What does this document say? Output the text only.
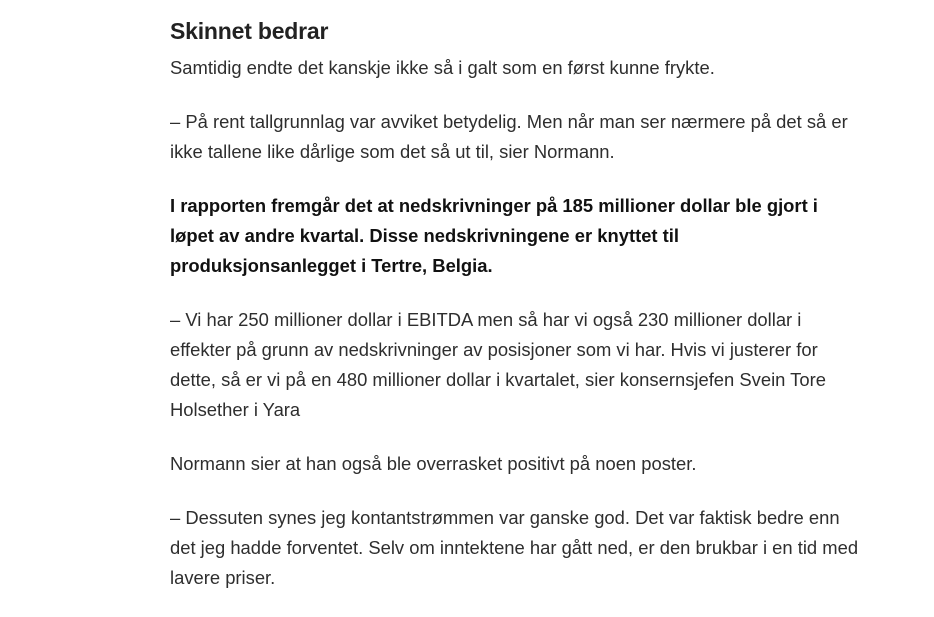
Skinnet bedrar

Samtidig endte det kanskje ikke så i galt som en først kunne frykte.

– På rent tallgrunnlag var avviket betydelig. Men når man ser nærmere på det så er ikke tallene like dårlige som det så ut til, sier Normann.

I rapporten fremgår det at nedskrivninger på 185 millioner dollar ble gjort i løpet av andre kvartal. Disse nedskrivningene er knyttet til produksjonsanlegget i Tertre, Belgia.

– Vi har 250 millioner dollar i EBITDA men så har vi også 230 millioner dollar i effekter på grunn av nedskrivninger av posisjoner som vi har. Hvis vi justerer for dette, så er vi på en 480 millioner dollar i kvartalet, sier konsernsjefen Svein Tore Holsether i Yara

Normann sier at han også ble overrasket positivt på noen poster.

– Dessuten synes jeg kontantstrømmen var ganske god. Det var faktisk bedre enn det jeg hadde forventet. Selv om inntektene har gått ned, er den brukbar i en tid med lavere priser.
